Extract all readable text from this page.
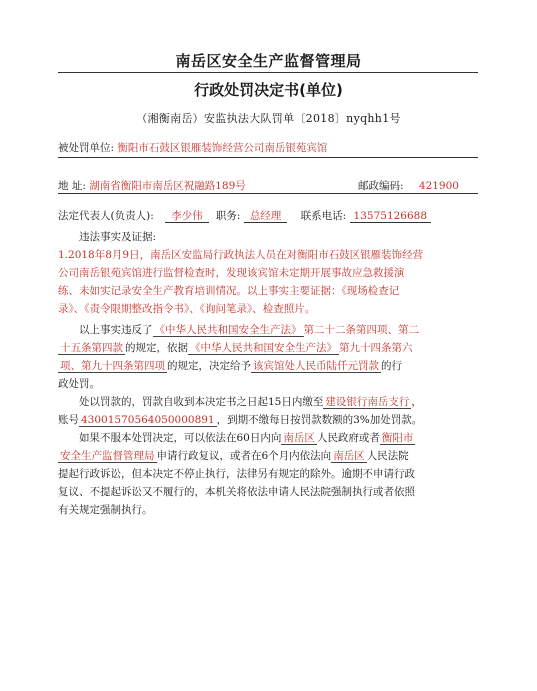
南岳区安全生产监督管理局
行政处罚决定书(单位)
（湘衡南岳）安监执法大队罚单〔2018〕nyqhh1号
被处罚单位: 衡阳市石鼓区银雁装饰经营公司南岳银苑宾馆
地 址: 湖南省衡阳市南岳区祝融路189号	邮政编码: 421900
法定代表人(负责人): 李少伟 职务: 总经理 联系电话: 13575126688

违法事实及证据:

1.2018年8月9日，南岳区安监局行政执法人员在对衡阳市石鼓区银雁装饰经营

公司南岳银苑宾馆进行监督检查时，发现该宾馆未定期开展事故应急救援演

练、未如实记录安全生产教育培训情况。以上事实主要证据：《现场检查记

录》、《责令限期整改指令书》、《询问笔录》、检查照片。

以上事实违反了 《中华人民共和国安全生产法》 第二十二条第四项、第二

十五条第四款 的规定，依据 《中华人民共和国安全生产法》 第九十四条第六

项、第九十四条第四项 的规定，决定给予 该宾馆处人民币陆仟元罚款 的行

政处罚。

处以罚款的，罚款自收到本决定书之日起15日内缴至 建设银行南岳支行 ，

账号 43001570564050000891 ，到期不缴每日按罚款数额的3%加处罚款。

如果不服本处罚决定，可以依法在60日内向 南岳区 人民政府或者 衡阳市

安全生产监督管理局 申请行政复议，或者在6个月内依法向 南岳区 人民法院

提起行政诉讼，但本决定不停止执行，法律另有规定的除外。逾期不申请行政

复议、不提起诉讼又不履行的，本机关将依法申请人民法院强制执行或者依照

有关规定强制执行。
